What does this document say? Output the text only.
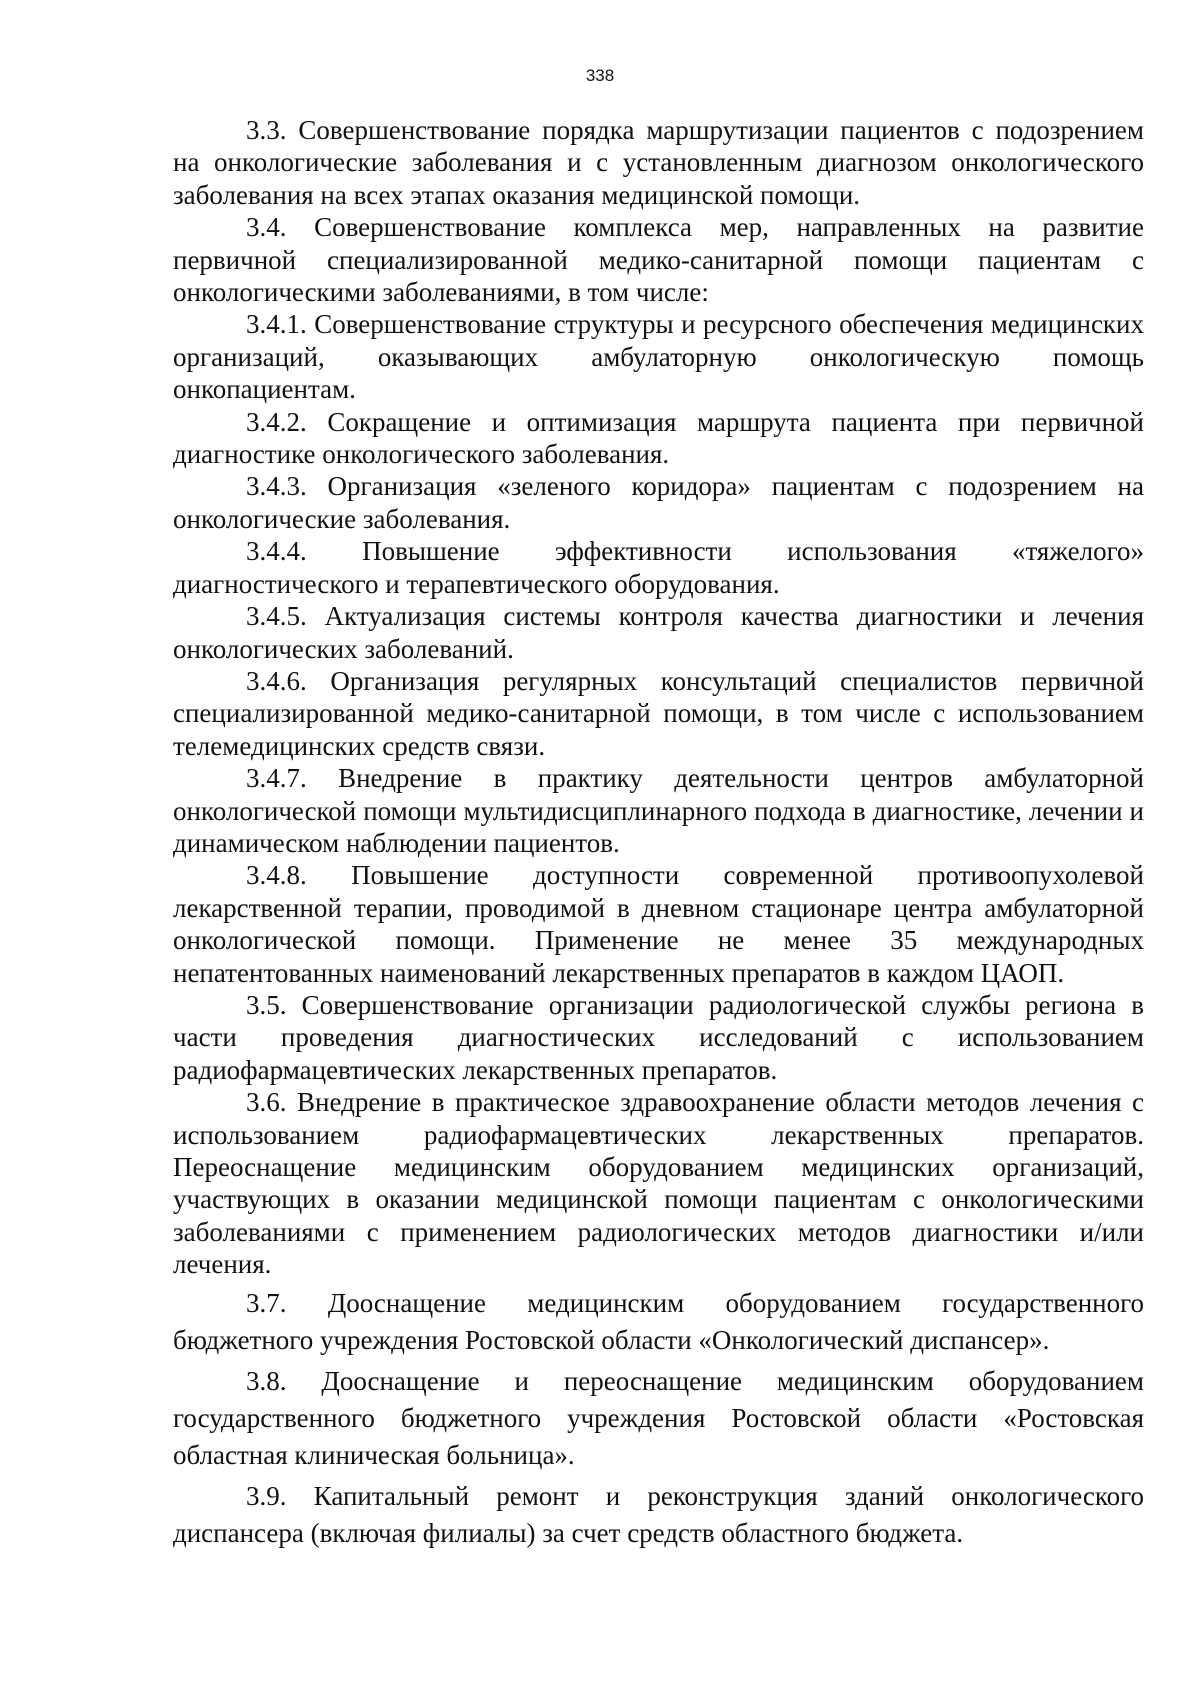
338

3.3. Совершенствование порядка маршрутизации пациентов с подозрением на онкологические заболевания и с установленным диагнозом онкологического заболевания на всех этапах оказания медицинской помощи.

3.4. Совершенствование комплекса мер, направленных на развитие первичной специализированной медико-санитарной помощи пациентам с онкологическими заболеваниями, в том числе:

3.4.1. Совершенствование структуры и ресурсного обеспечения медицинских организаций, оказывающих амбулаторную онкологическую помощь онкопациентам.

3.4.2. Сокращение и оптимизация маршрута пациента при первичной диагностике онкологического заболевания.

3.4.3. Организация «зеленого коридора» пациентам с подозрением на онкологические заболевания.

3.4.4. Повышение эффективности использования «тяжелого» диагностического и терапевтического оборудования.

3.4.5. Актуализация системы контроля качества диагностики и лечения онкологических заболеваний.

3.4.6. Организация регулярных консультаций специалистов первичной специализированной медико-санитарной помощи, в том числе с использованием телемедицинских средств связи.

3.4.7. Внедрение в практику деятельности центров амбулаторной онкологической помощи мультидисциплинарного подхода в диагностике, лечении и динамическом наблюдении пациентов.

3.4.8. Повышение доступности современной противоопухолевой лекарственной терапии, проводимой в дневном стационаре центра амбулаторной онкологической помощи. Применение не менее 35 международных непатентованных наименований лекарственных препаратов в каждом ЦАОП.

3.5. Совершенствование организации радиологической службы региона в части проведения диагностических исследований с использованием радиофармацевтических лекарственных препаратов.

3.6. Внедрение в практическое здравоохранение области методов лечения с использованием радиофармацевтических лекарственных препаратов. Переоснащение медицинским оборудованием медицинских организаций, участвующих в оказании медицинской помощи пациентам с онкологическими заболеваниями с применением радиологических методов диагностики и/или лечения.

3.7. Дооснащение медицинским оборудованием государственного бюджетного учреждения Ростовской области «Онкологический диспансер».

3.8. Дооснащение и переоснащение медицинским оборудованием государственного бюджетного учреждения Ростовской области «Ростовская областная клиническая больница».

3.9. Капитальный ремонт и реконструкция зданий онкологического диспансера (включая филиалы) за счет средств областного бюджета.
